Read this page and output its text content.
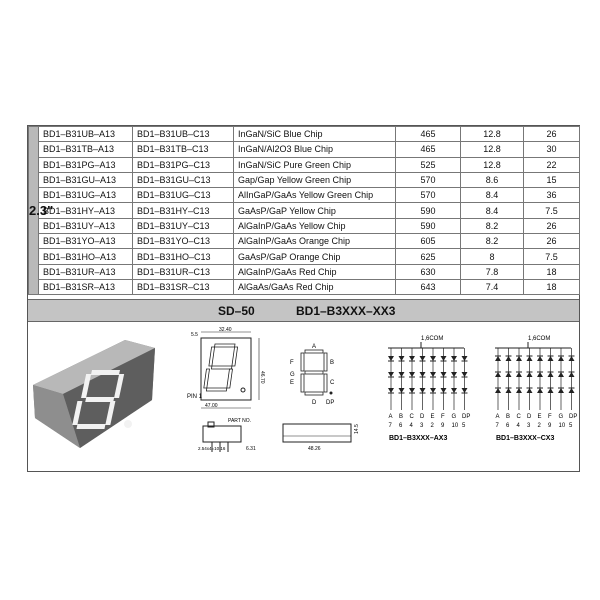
2.3"	BD1–B31UB–A13	BD1–B31UB–C13	InGaN/SiC Blue Chip	465	12.8	26
	BD1–B31TB–A13	BD1–B31TB–C13	InGaN/Al2O3 Blue Chip	465	12.8	30
	BD1–B31PG–A13	BD1–B31PG–C13	InGaN/SiC Pure Green Chip	525	12.8	22
	BD1–B31GU–A13	BD1–B31GU–C13	Gap/Gap Yellow Green Chip	570	8.6	15
	BD1–B31UG–A13	BD1–B31UG–C13	AlInGaP/GaAs Yellow Green Chip	570	8.4	36
	BD1–B31HY–A13	BD1–B31HY–C13	GaAsP/GaP Yellow Chip	590	8.4	7.5
	BD1–B31UY–A13	BD1–B31UY–C13	AlGaInP/GaAs Yellow Chip	590	8.2	26
	BD1–B31YO–A13	BD1–B31YO–C13	AlGaInP/GaAs Orange Chip	605	8.2	26
	BD1–B31HO–A13	BD1–B31HO–C13	GaAsP/GaP Orange Chip	625	8	7.5
	BD1–B31UR–A13	BD1–B31UR–C13	AlGaInP/GaAs Red Chip	630	7.8	18
	BD1–B31SR–A13	BD1–B31SR–C13	AlGaAs/GaAs Red Chip	643	7.4	18
SD–50	BD1–B3XXX–XX3
32.40
5.5
46.70
47.00
PIN 1
PART NO.
2.54x4=10.16	6.31	48.26
14.5
A
B
C
D
E
F
G
DP
1,6COM
A B C D E F G DP
7 6 4 3 2 9 10 5
BD1–B3XXX–AX3
1,6COM
A B C D E F G DP
7 6 4 3 2 9 10 5
BD1–B3XXX–CX3
